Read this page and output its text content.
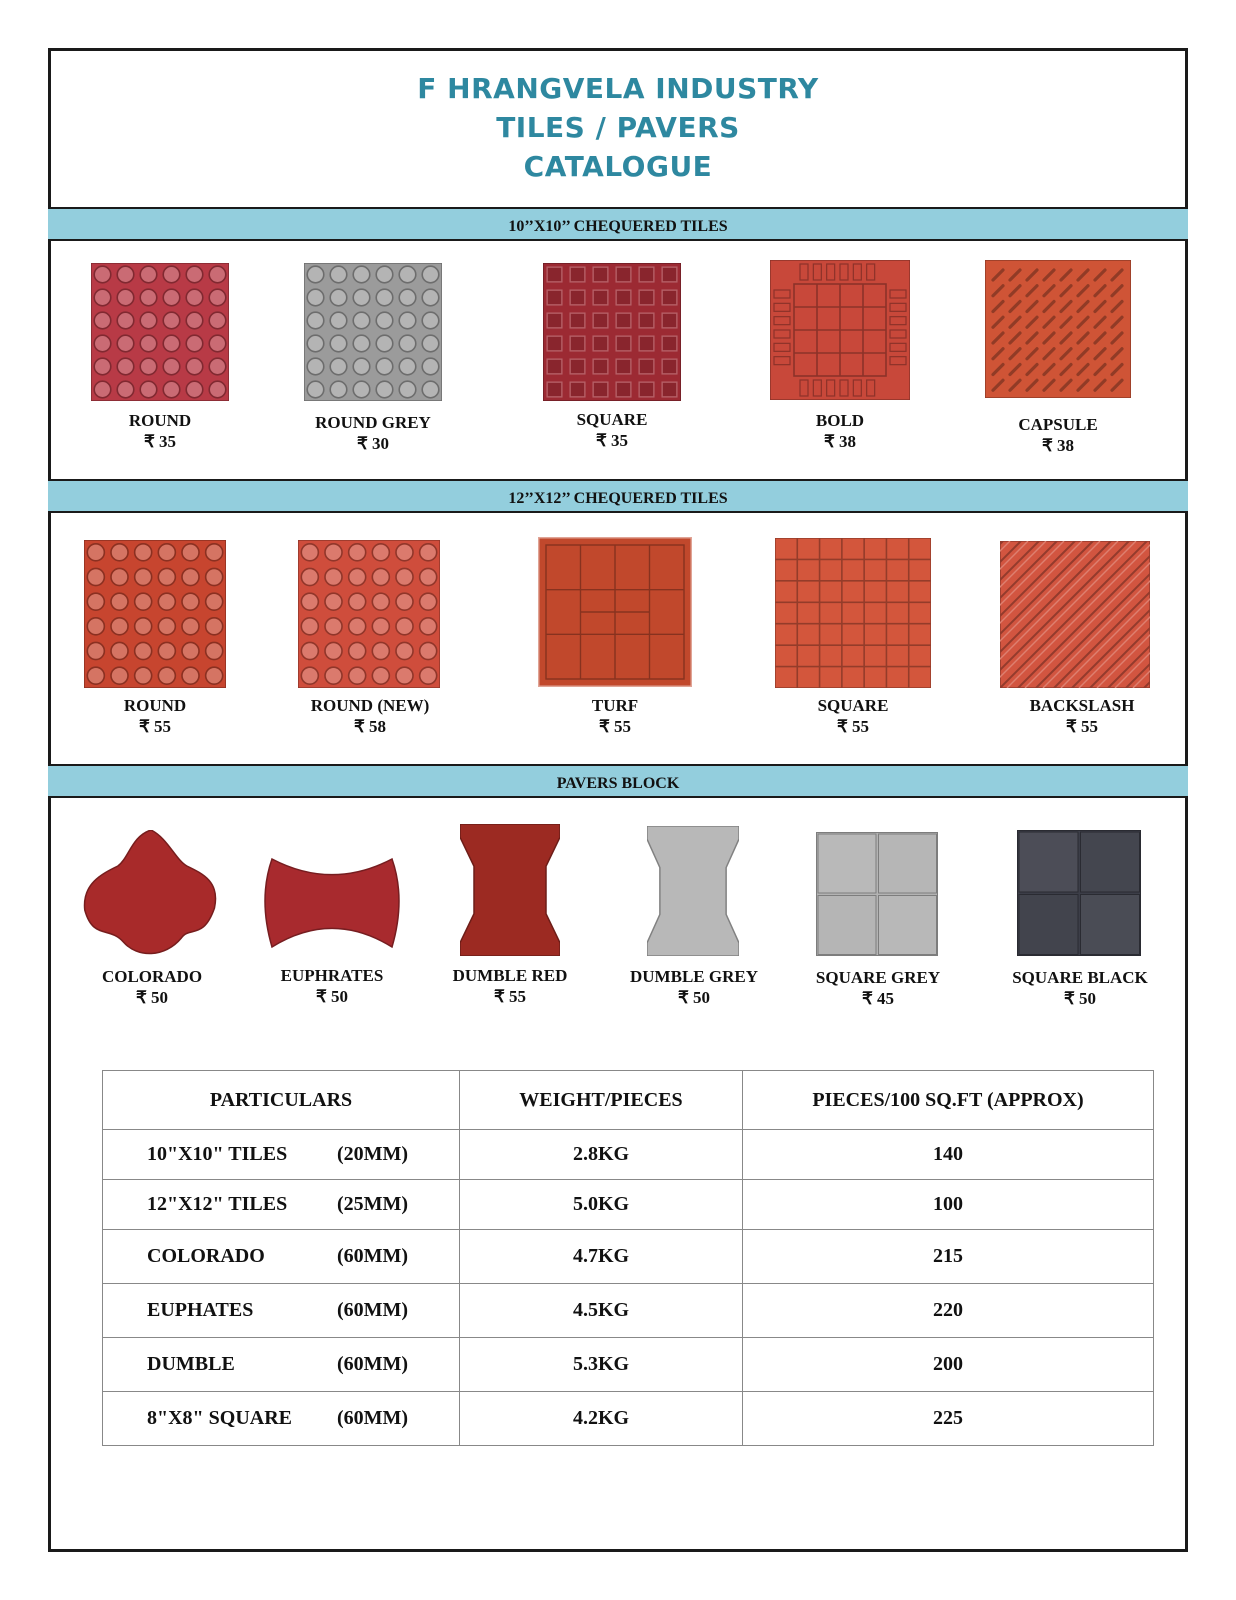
F HRANGVELA INDUSTRY
TILES / PAVERS
CATALOGUE
10’’X10’’ CHEQUERED TILES
12’’X12’’ CHEQUERED TILES
PAVERS BLOCK
ROUND
₹ 35
ROUND GREY
₹ 30
SQUARE
₹ 35
BOLD
₹ 38
CAPSULE
₹ 38
ROUND
₹ 55
ROUND (NEW)
₹ 58
TURF
₹ 55
SQUARE
₹ 55
BACKSLASH
₹ 55
COLORADO
₹ 50
EUPHRATES
₹ 50
DUMBLE RED
₹ 55
DUMBLE GREY
₹ 50
SQUARE GREY
₹ 45
SQUARE BLACK
₹ 50
PARTICULARS	WEIGHT/PIECES	PIECES/100 SQ.FT (APPROX)
10"X10" TILES (20MM)	2.8KG	140
12"X12" TILES (25MM)	5.0KG	100
COLORADO (60MM)	4.7KG	215
EUPHATES (60MM)	4.5KG	220
DUMBLE (60MM)	5.3KG	200
8"X8" SQUARE (60MM)	4.2KG	225
